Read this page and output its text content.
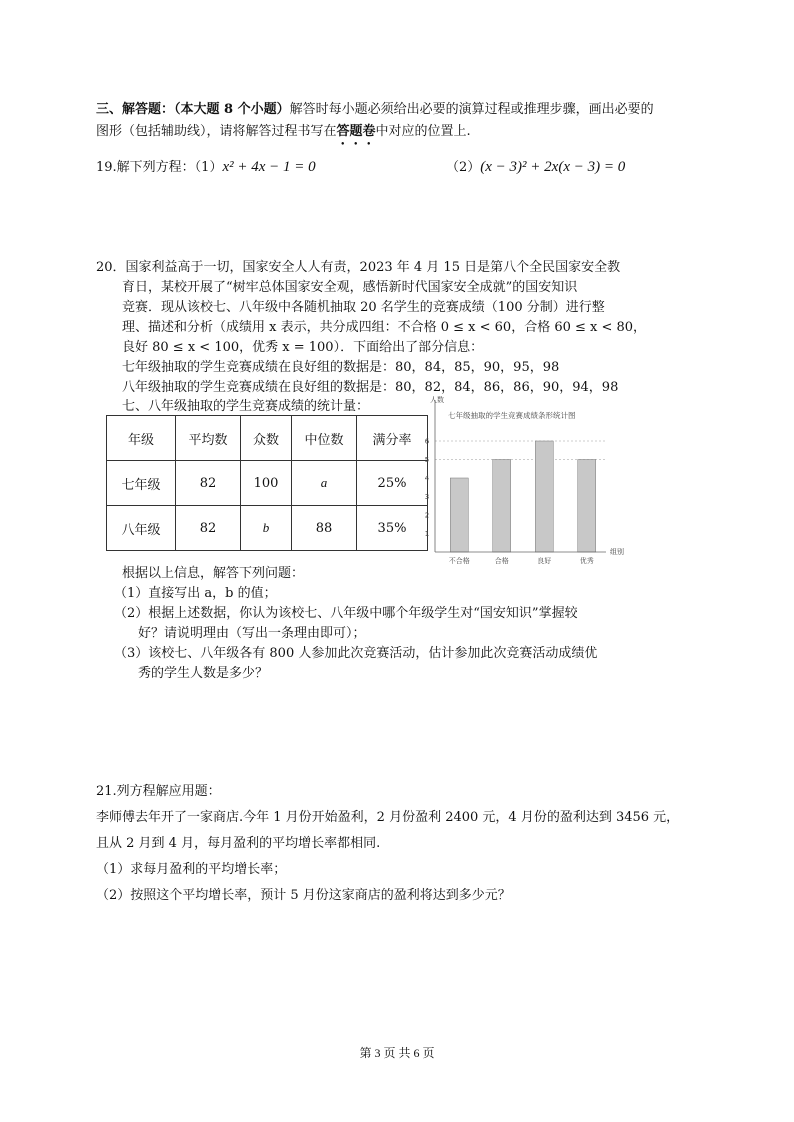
三、解答题：（本大题 8 个小题）解答时每小题必须给出必要的演算过程或推理步骤，画出必要的
图形（包括辅助线），请将解答过程书写在答题卷中对应的位置上.
19.解下列方程：（1）x² + 4x − 1 = 0	（2）(x − 3)² + 2x(x − 3) = 0
20．国家利益高于一切，国家安全人人有责，2023 年 4 月 15 日是第八个全民国家安全教
育日，某校开展了“树牢总体国家安全观，感悟新时代国家安全成就”的国安知识
竞赛．现从该校七、八年级中各随机抽取 20 名学生的竞赛成绩（100 分制）进行整
理、描述和分析（成绩用 x 表示，共分成四组：不合格 0 ≤ x < 60，合格 60 ≤ x < 80，
良好 80 ≤ x < 100，优秀 x = 100）．下面给出了部分信息：
七年级抽取的学生竞赛成绩在良好组的数据是：80，84，85，90，95，98
八年级抽取的学生竞赛成绩在良好组的数据是：80，82，84，86，86，90，94，98
七、八年级抽取的学生竞赛成绩的统计量：
年级	平均数	众数	中位数	满分率
七年级	82	100	a	25%
八年级	82	b	88	35%
人数
七年级抽取的学生竞赛成绩条形统计图
组别
1
2
3
4
5
6
不合格	合格	良好	优秀
根据以上信息，解答下列问题：
（1）直接写出 a，b 的值；
（2）根据上述数据，你认为该校七、八年级中哪个年级学生对“国安知识”掌握较
好？请说明理由（写出一条理由即可）；
（3）该校七、八年级各有 800 人参加此次竞赛活动，估计参加此次竞赛活动成绩优
秀的学生人数是多少？
21.列方程解应用题：
李师傅去年开了一家商店.今年 1 月份开始盈利，2 月份盈利 2400 元，4 月份的盈利达到 3456 元，
且从 2 月到 4 月，每月盈利的平均增长率都相同.
（1）求每月盈利的平均增长率；
（2）按照这个平均增长率，预计 5 月份这家商店的盈利将达到多少元？
第 3 页 共 6 页
